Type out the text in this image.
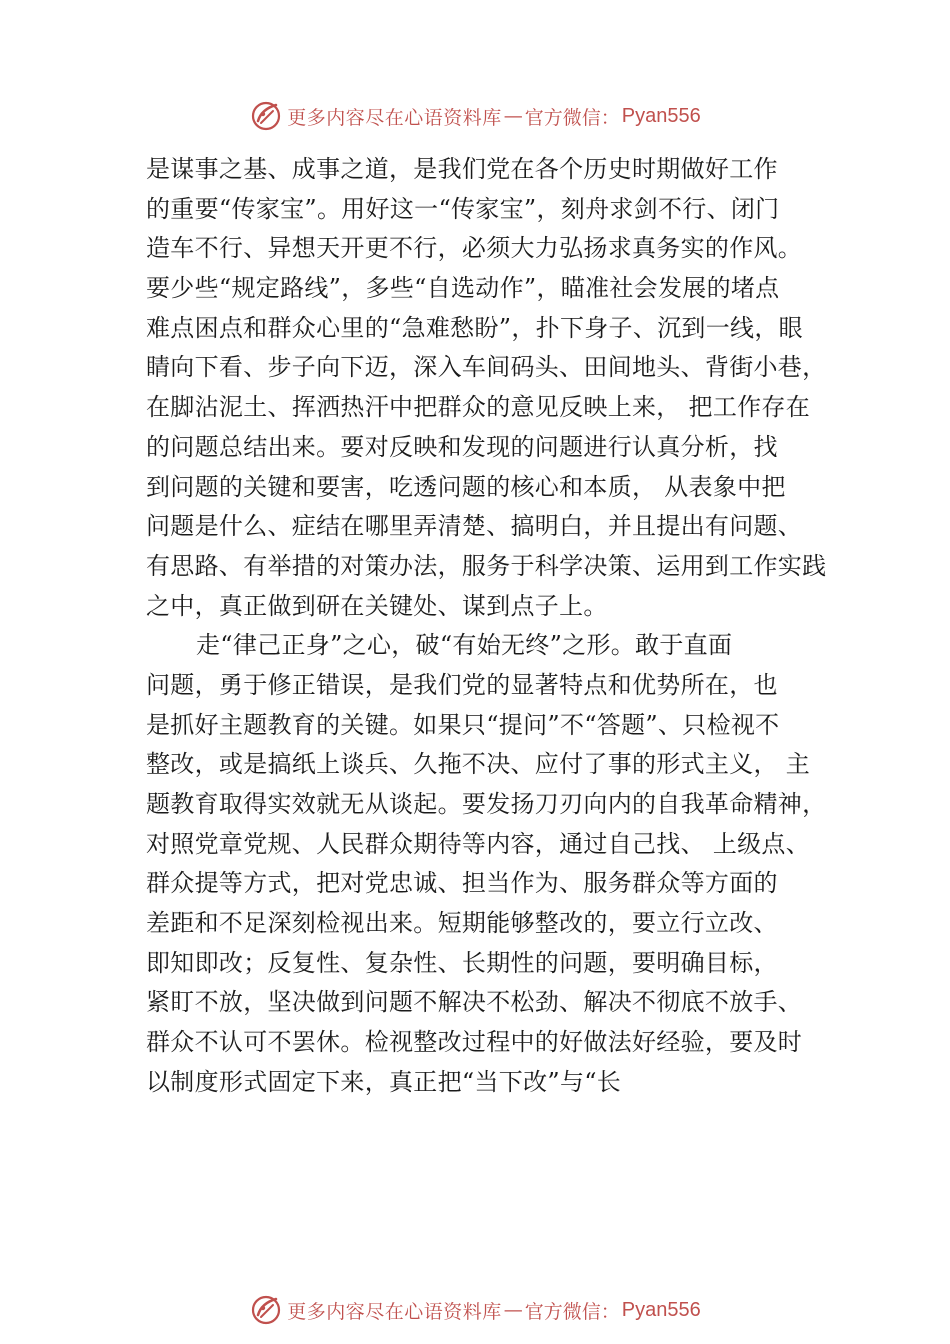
更多内容尽在心语资料库 — 官方微信： Pyan556
是谋事之基、成事之道，是我们党在各个历史时期做好工作
的重要“传家宝”。用好这一“传家宝”，刻舟求剑不行、闭门
造车不行、异想天开更不行，必须大力弘扬求真务实的作风。
要少些“规定路线”，多些“自选动作”，瞄准社会发展的堵点
难点困点和群众心里的“急难愁盼”，扑下身子、沉到一线，眼
睛向下看、步子向下迈，深入车间码头、田间地头、背街小巷，
在脚沾泥土、挥洒热汗中把群众的意见反映上来， 把工作存在
的问题总结出来。要对反映和发现的问题进行认真分析，找
到问题的关键和要害，吃透问题的核心和本质， 从表象中把
问题是什么、症结在哪里弄清楚、搞明白，并且提出有问题、
有思路、有举措的对策办法，服务于科学决策、运用到工作实践
之中，真正做到研在关键处、谋到点子上。
走“律己正身”之心，破“有始无终”之形。敢于直面
问题，勇于修正错误，是我们党的显著特点和优势所在，也
是抓好主题教育的关键。如果只“提问”不“答题”、只检视不
整改，或是搞纸上谈兵、久拖不决、应付了事的形式主义， 主
题教育取得实效就无从谈起。要发扬刀刃向内的自我革命精神，
对照党章党规、人民群众期待等内容，通过自己找、 上级点、
群众提等方式，把对党忠诚、担当作为、服务群众等方面的
差距和不足深刻检视出来。短期能够整改的，要立行立改、
即知即改；反复性、复杂性、长期性的问题，要明确目标，
紧盯不放，坚决做到问题不解决不松劲、解决不彻底不放手、
群众不认可不罢休。检视整改过程中的好做法好经验，要及时
以制度形式固定下来，真正把“当下改”与“长
更多内容尽在心语资料库 — 官方微信： Pyan556
